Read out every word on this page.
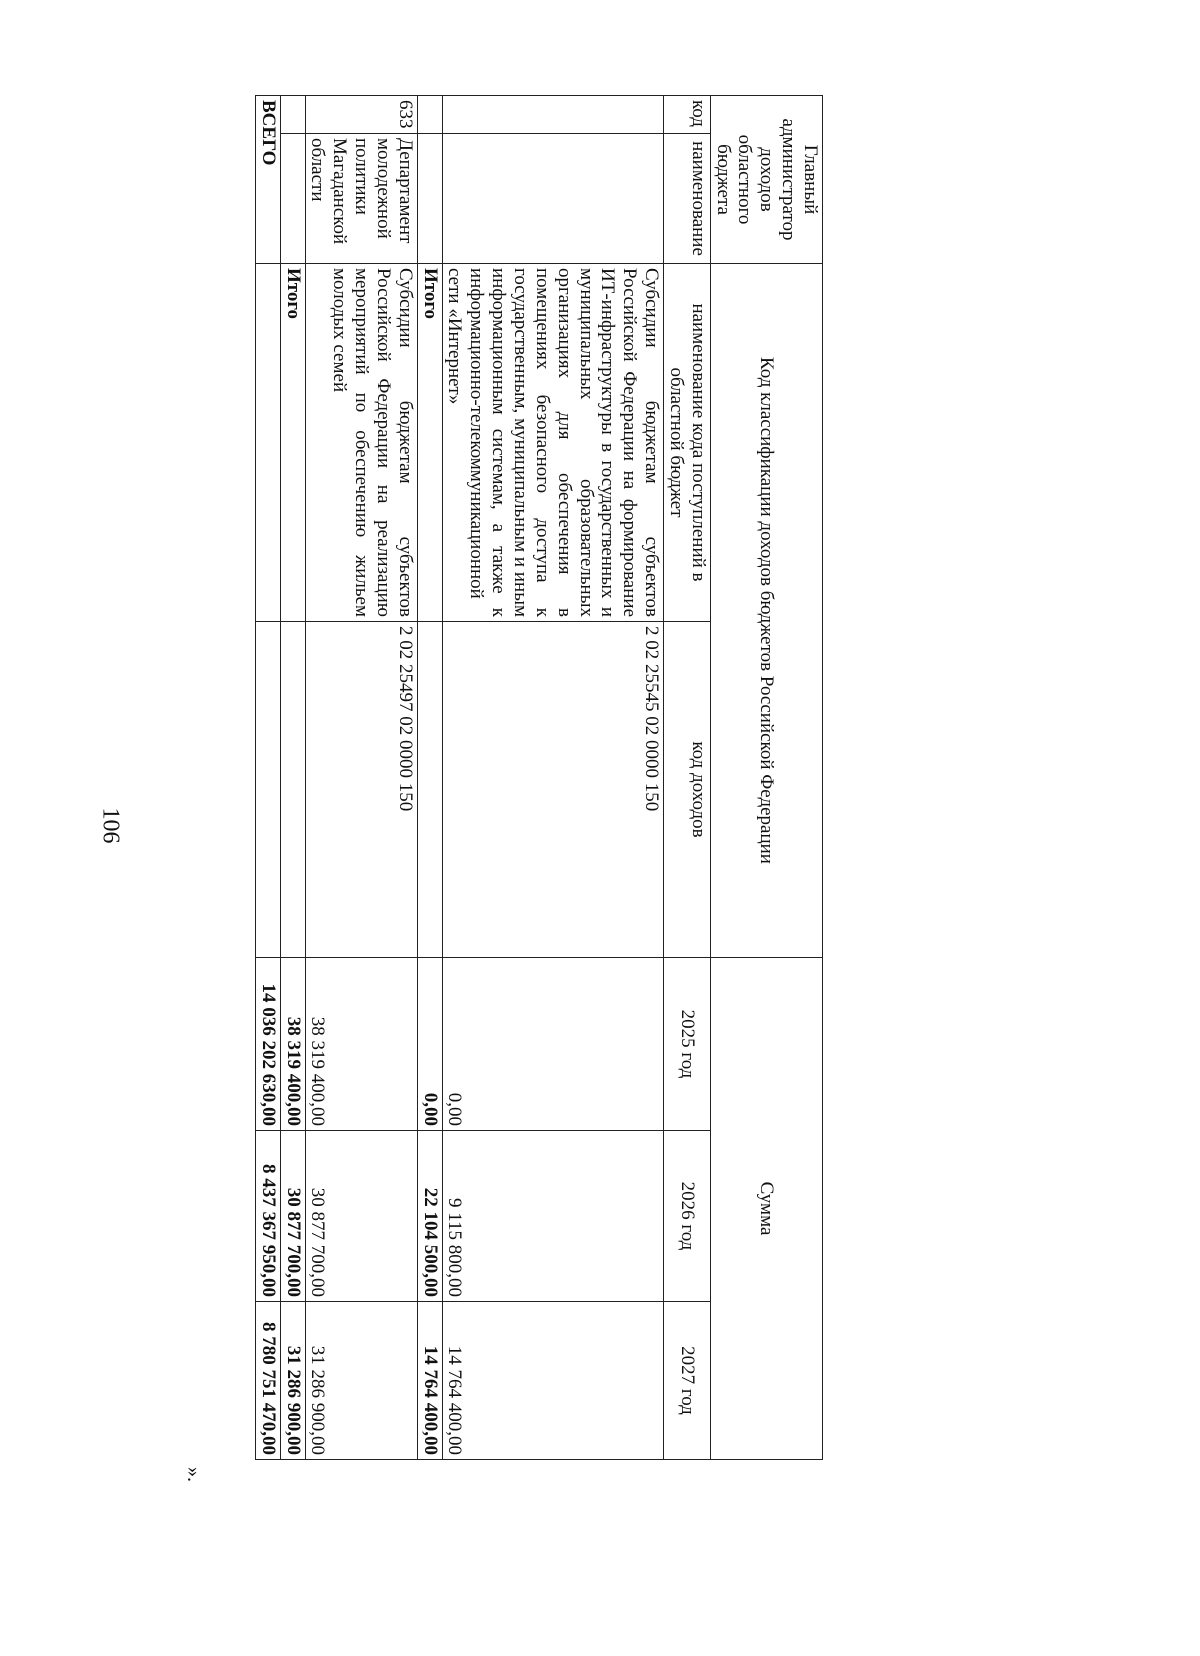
106
Главный администратор доходов областного бюджета		Код классификации доходов бюджетов Российской Федерации		Сумма		
код	наименование	наименование кода поступлений в областной бюджет	код доходов	2025 год	2026 год	2027 год
		Субсидии бюджетам субъектов Российской Федерации на формирование ИТ-инфраструктуры в государственных и муниципальных образовательных организациях для обеспечения в помещениях безопасного доступа к государственным, муниципальным и иным информационным системам, а также к информационно-телекоммуникационной сети «Интернет»	2 02 25545 02 0000 150	0,00	9 115 800,00	14 764 400,00
		Итого		0,00	22 104 500,00	14 764 400,00
633	Департамент молодежной политики Магаданской области	Субсидии бюджетам субъектов Российской Федерации на реализацию мероприятий по обеспечению жильем молодых семей	2 02 25497 02 0000 150	38 319 400,00	30 877 700,00	31 286 900,00
		Итого		38 319 400,00	30 877 700,00	31 286 900,00
ВСЕГО				14 036 202 630,00	8 437 367 950,00	8 780 751 470,00
».
